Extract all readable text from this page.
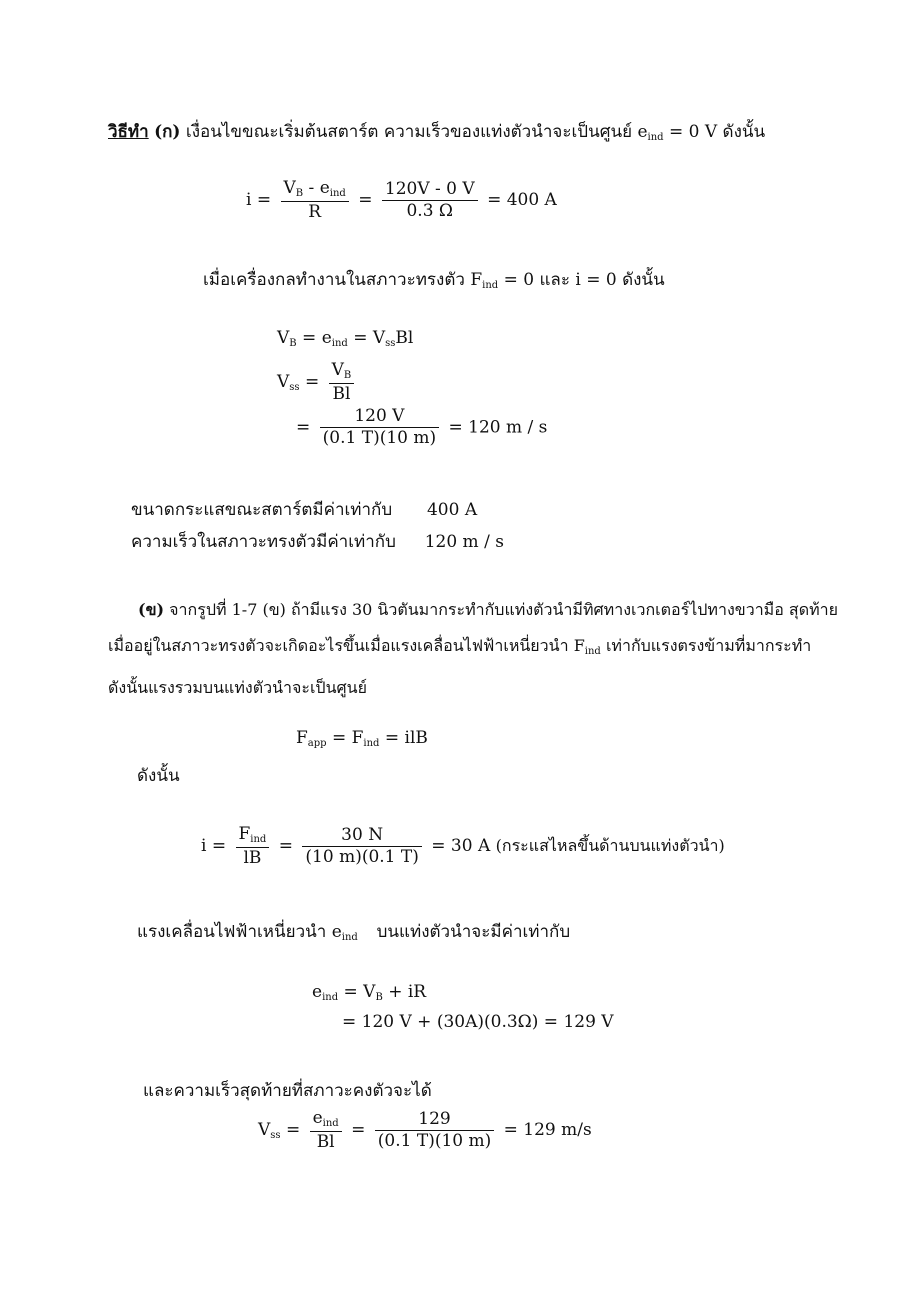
วิธีทำ (ก) เงื่อนไขขณะเริ่มต้นสตาร์ต ความเร็วของแท่งตัวนำจะเป็นศูนย์ $e_{ind} = 0$ V ดังนั้น
$i = \frac{V_B - e_{ind}}{R} = \frac{120V - 0 V}{0.3 \Omega} = 400$ A
เมื่อเครื่องกลทำงานในสภาวะทรงตัว $F_{ind} = 0$ และ i = 0 ดังนั้น
$V_B = e_{ind} = V_{ss}Bl$
$V_{ss} = \frac{V_B}{Bl}$
= $\frac{120 V}{(0.1 T)(10 m)} = 120$ m / s
ขนาดกระแสขณะสตาร์ตมีค่าเท่ากับ 400 A
ความเร็วในสภาวะทรงตัวมีค่าเท่ากับ 120 m / s
(ข) จากรูปที่ 1-7 (ข) ถ้ามีแรง 30 นิวตันมากระทำกับแท่งตัวนำมีทิศทางเวกเตอร์ไปทางขวามือ สุดท้าย
เมื่ออยู่ในสภาวะทรงตัวจะเกิดอะไรขึ้นเมื่อแรงเคลื่อนไฟฟ้าเหนี่ยวนำ $F_{ind}$ เท่ากับแรงตรงข้ามที่มากระทำ
ดังนั้นแรงรวมบนแท่งตัวนำจะเป็นศูนย์
$F_{app} = F_{ind}$ = ilB
ดังนั้น
$i = \frac{F_{ind}}{lB} = \frac{30 N}{(10 m)(0.1 T)} = 30$ A (กระแสไหลขึ้นด้านบนแท่งตัวนำ)
แรงเคลื่อนไฟฟ้าเหนี่ยวนำ $e_{ind}$ บนแท่งตัวนำจะมีค่าเท่ากับ
$e_{ind} = V_B$ + iR
= 120 V + (30A)(0.3Ω) = 129 V
และความเร็วสุดท้ายที่สภาวะคงตัวจะได้
$V_{ss} = \frac{e_{ind}}{Bl} = \frac{129}{(0.1 T)(10 m)} = 129$ m/s
